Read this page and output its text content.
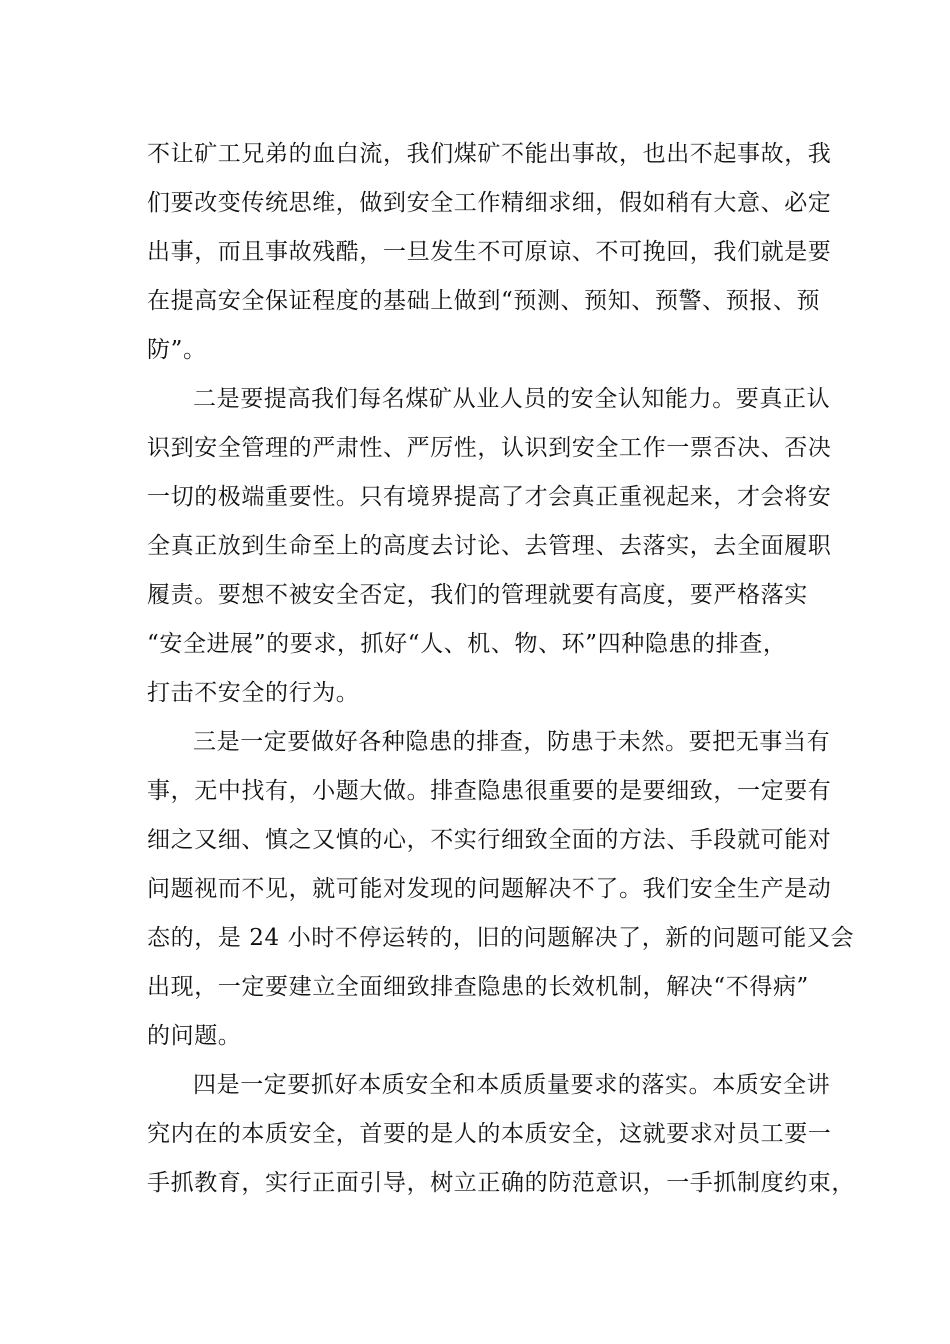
不让矿工兄弟的血白流，我们煤矿不能出事故，也出不起事故，我
们要改变传统思维，做到安全工作精细求细，假如稍有大意、必定
出事，而且事故残酷，一旦发生不可原谅、不可挽回，我们就是要
在提高安全保证程度的基础上做到“预测、预知、预警、预报、预
防”。

二是要提高我们每名煤矿从业人员的安全认知能力。要真正认
识到安全管理的严肃性、严厉性，认识到安全工作一票否决、否决
一切的极端重要性。只有境界提高了才会真正重视起来，才会将安
全真正放到生命至上的高度去讨论、去管理、去落实，去全面履职
履责。要想不被安全否定，我们的管理就要有高度，要严格落实
“安全进展”的要求，抓好“人、机、物、环”四种隐患的排查，
打击不安全的行为。

三是一定要做好各种隐患的排查，防患于未然。要把无事当有
事，无中找有，小题大做。排查隐患很重要的是要细致，一定要有
细之又细、慎之又慎的心，不实行细致全面的方法、手段就可能对
问题视而不见，就可能对发现的问题解决不了。我们安全生产是动
态的，是 24 小时不停运转的，旧的问题解决了，新的问题可能又会
出现，一定要建立全面细致排查隐患的长效机制，解决“不得病”
的问题。

四是一定要抓好本质安全和本质质量要求的落实。本质安全讲
究内在的本质安全，首要的是人的本质安全，这就要求对员工要一
手抓教育，实行正面引导，树立正确的防范意识，一手抓制度约束，
